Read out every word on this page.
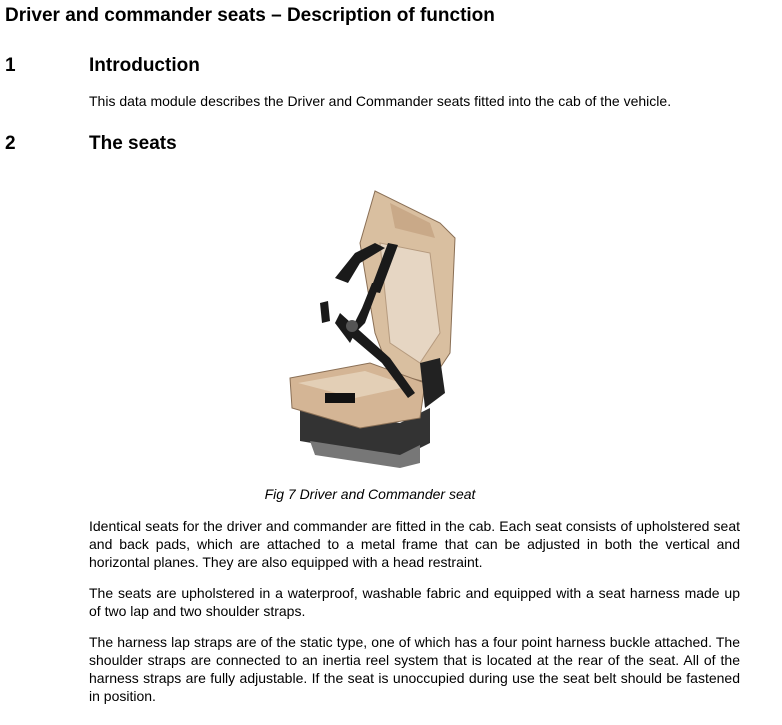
Driver and commander seats – Description of function
1	Introduction
This data module describes the Driver and Commander seats fitted into the cab of the vehicle.
2	The seats
Fig 7 Driver and Commander seat
Identical seats for the driver and commander are fitted in the cab. Each seat consists of upholstered seat and back pads, which are attached to a metal frame that can be adjusted in both the vertical and horizontal planes. They are also equipped with a head restraint.
The seats are upholstered in a waterproof, washable fabric and equipped with a seat harness made up of two lap and two shoulder straps.
The harness lap straps are of the static type, one of which has a four point harness buckle attached. The shoulder straps are connected to an inertia reel system that is located at the rear of the seat. All of the harness straps are fully adjustable. If the seat is unoccupied during use the seat belt should be fastened in position.
